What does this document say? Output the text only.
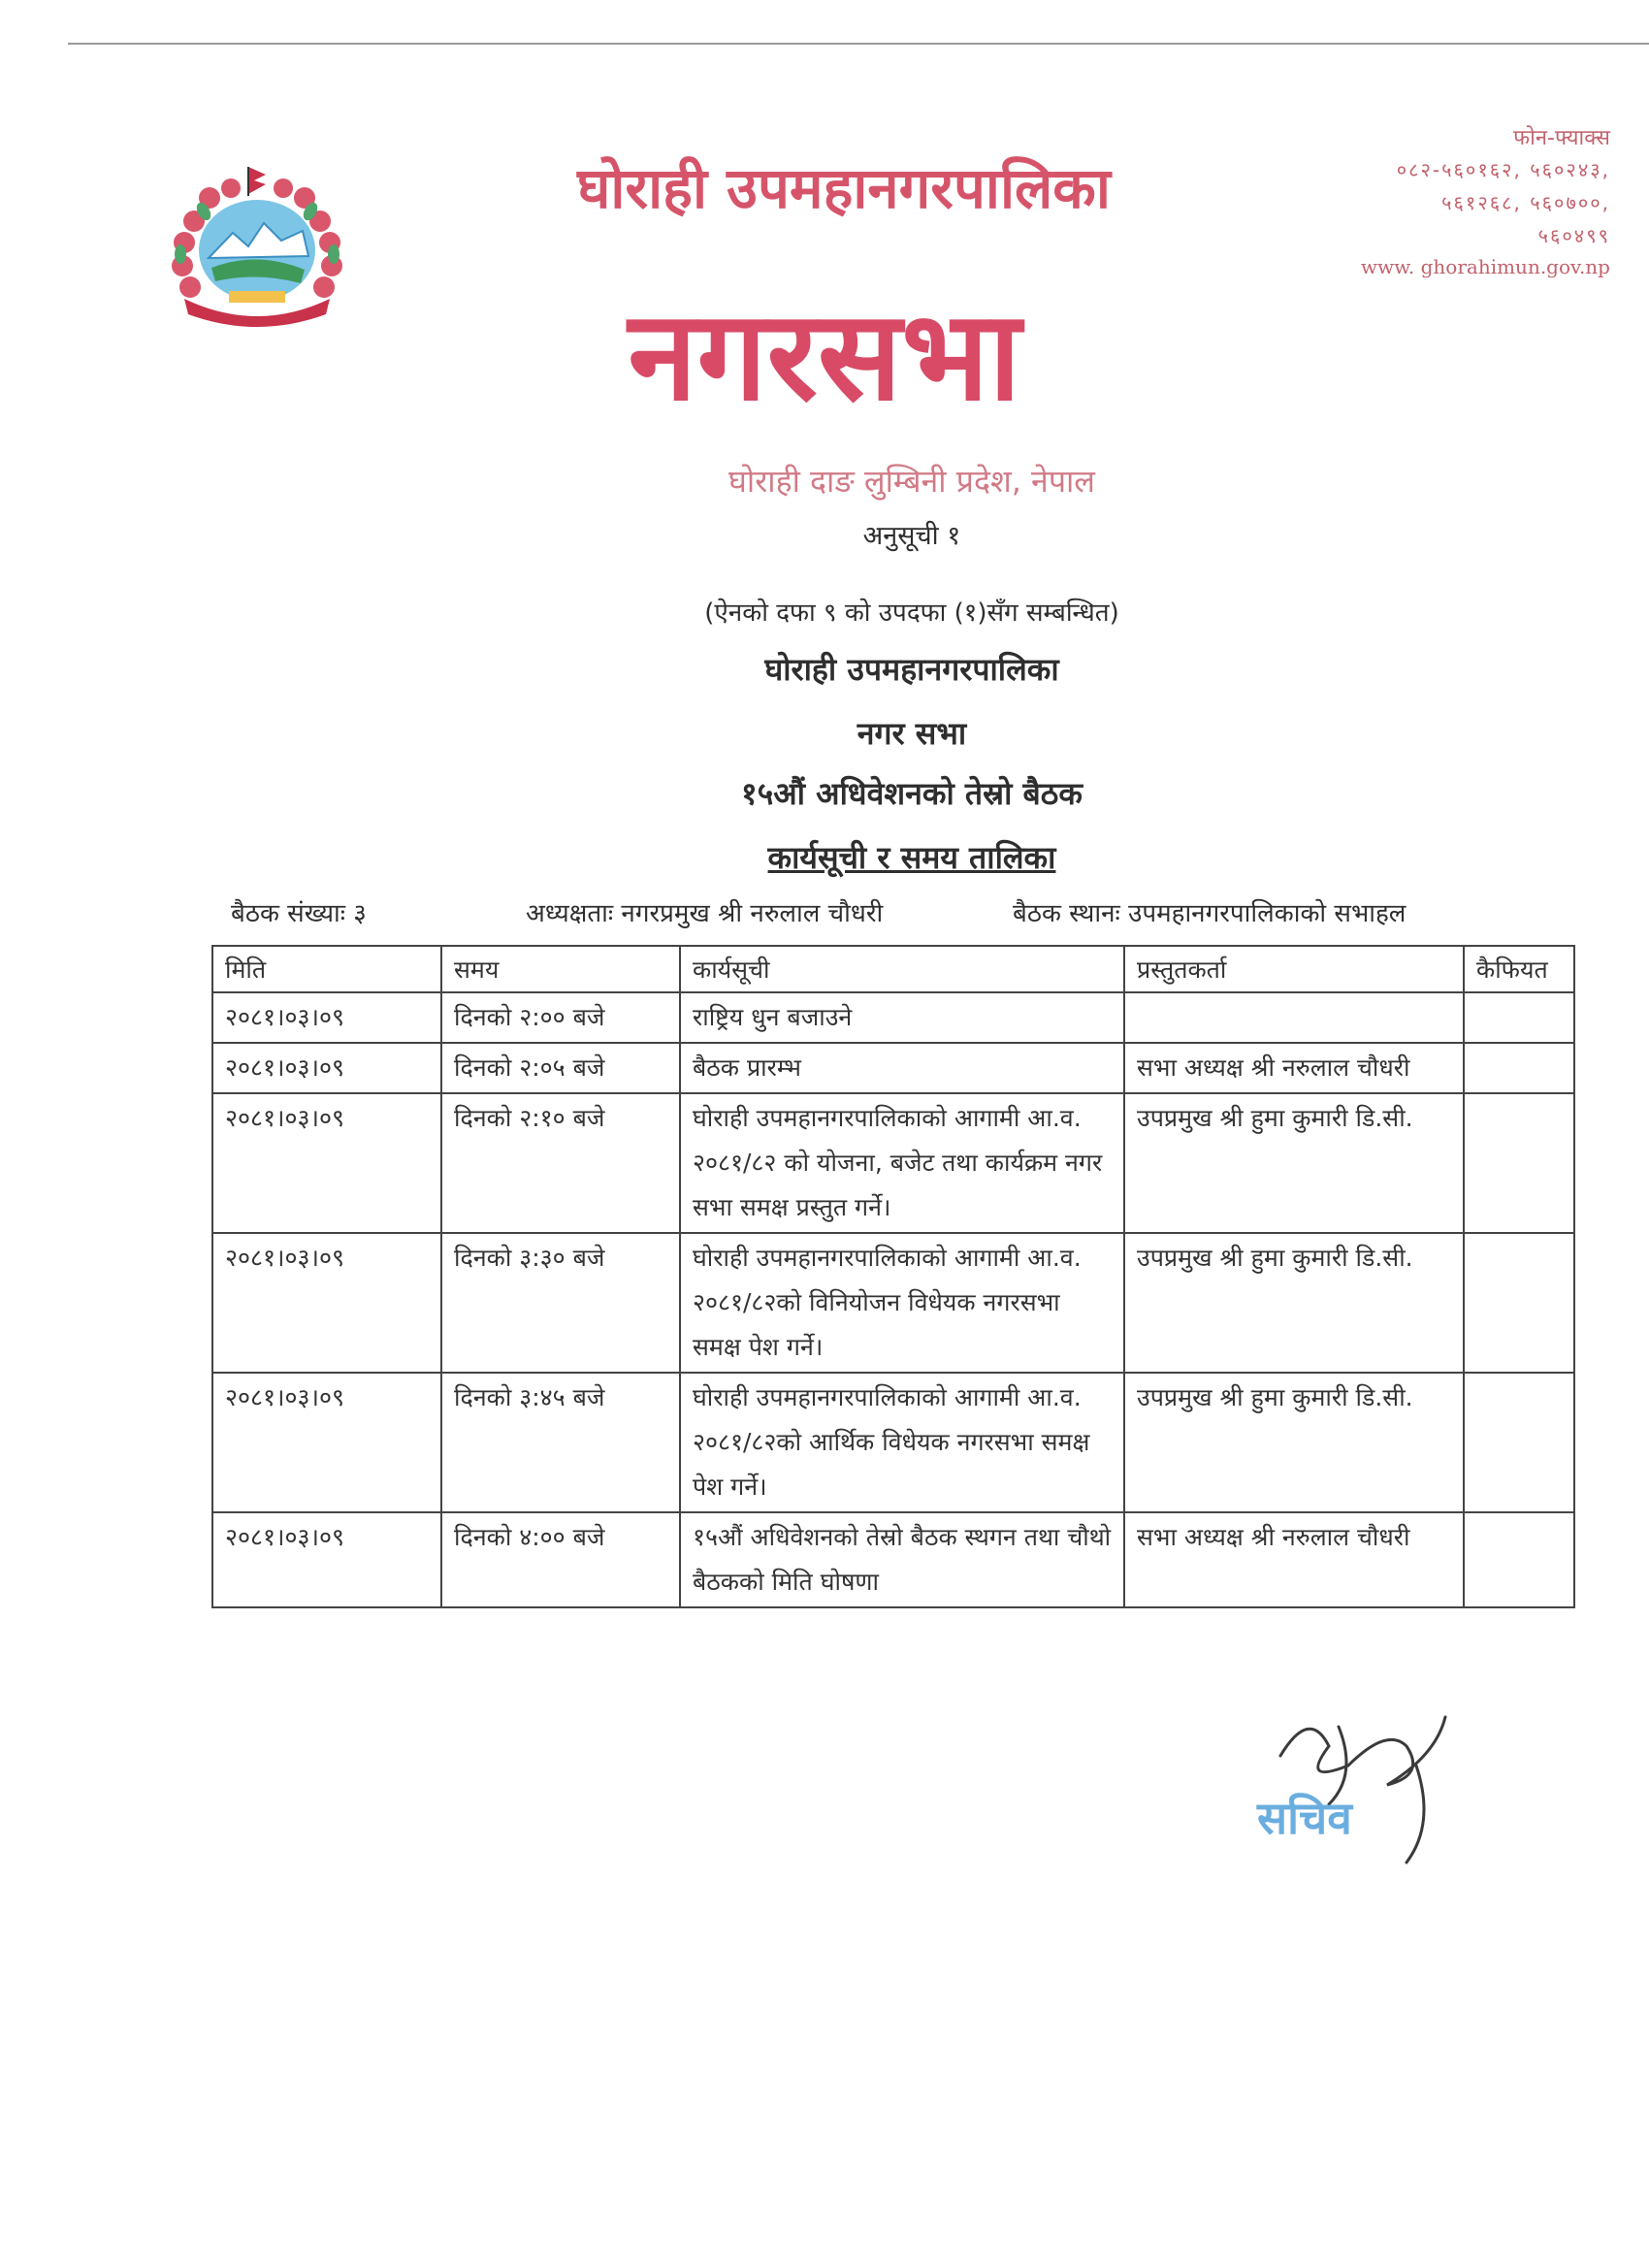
फोन-फ्याक्स
०८२-५६०१६२, ५६०२४३,
५६१२६८, ५६०७००,
५६०४९९
www. ghorahimun.gov.np
घोराही उपमहानगरपालिका
नगरसभा
घोराही दाङ लुम्बिनी प्रदेश, नेपाल
अनुसूची १
(ऐनको दफा ९ को उपदफा (१)सँग सम्बन्धित)
घोराही उपमहानगरपालिका
नगर सभा
१५औं अधिवेशनको तेस्रो बैठक
कार्यसूची र समय तालिका
बैठक संख्याः ३	अध्यक्षताः नगरप्रमुख श्री नरुलाल चौधरी	बैठक स्थानः उपमहानगरपालिकाको सभाहल
मिति	समय	कार्यसूची	प्रस्तुतकर्ता	कैफियत
२०८१।०३।०९	दिनको २:०० बजे	राष्ट्रिय धुन बजाउने		
२०८१।०३।०९	दिनको २:०५ बजे	बैठक प्रारम्भ	सभा अध्यक्ष श्री नरुलाल चौधरी	
२०८१।०३।०९	दिनको २:१० बजे	घोराही उपमहानगरपालिकाको आगामी आ.व. २०८१/८२ को योजना, बजेट तथा कार्यक्रम नगर सभा समक्ष प्रस्तुत गर्ने।	उपप्रमुख श्री हुमा कुमारी डि.सी.	
२०८१।०३।०९	दिनको ३:३० बजे	घोराही उपमहानगरपालिकाको आगामी आ.व. २०८१/८२को विनियोजन विधेयक नगरसभा समक्ष पेश गर्ने।	उपप्रमुख श्री हुमा कुमारी डि.सी.	
२०८१।०३।०९	दिनको ३:४५ बजे	घोराही उपमहानगरपालिकाको आगामी आ.व. २०८१/८२को आर्थिक विधेयक नगरसभा समक्ष पेश गर्ने।	उपप्रमुख श्री हुमा कुमारी डि.सी.	
२०८१।०३।०९	दिनको ४:०० बजे	१५औं अधिवेशनको तेस्रो बैठक स्थगन तथा चौथो बैठकको मिति घोषणा	सभा अध्यक्ष श्री नरुलाल चौधरी	
सचिव
